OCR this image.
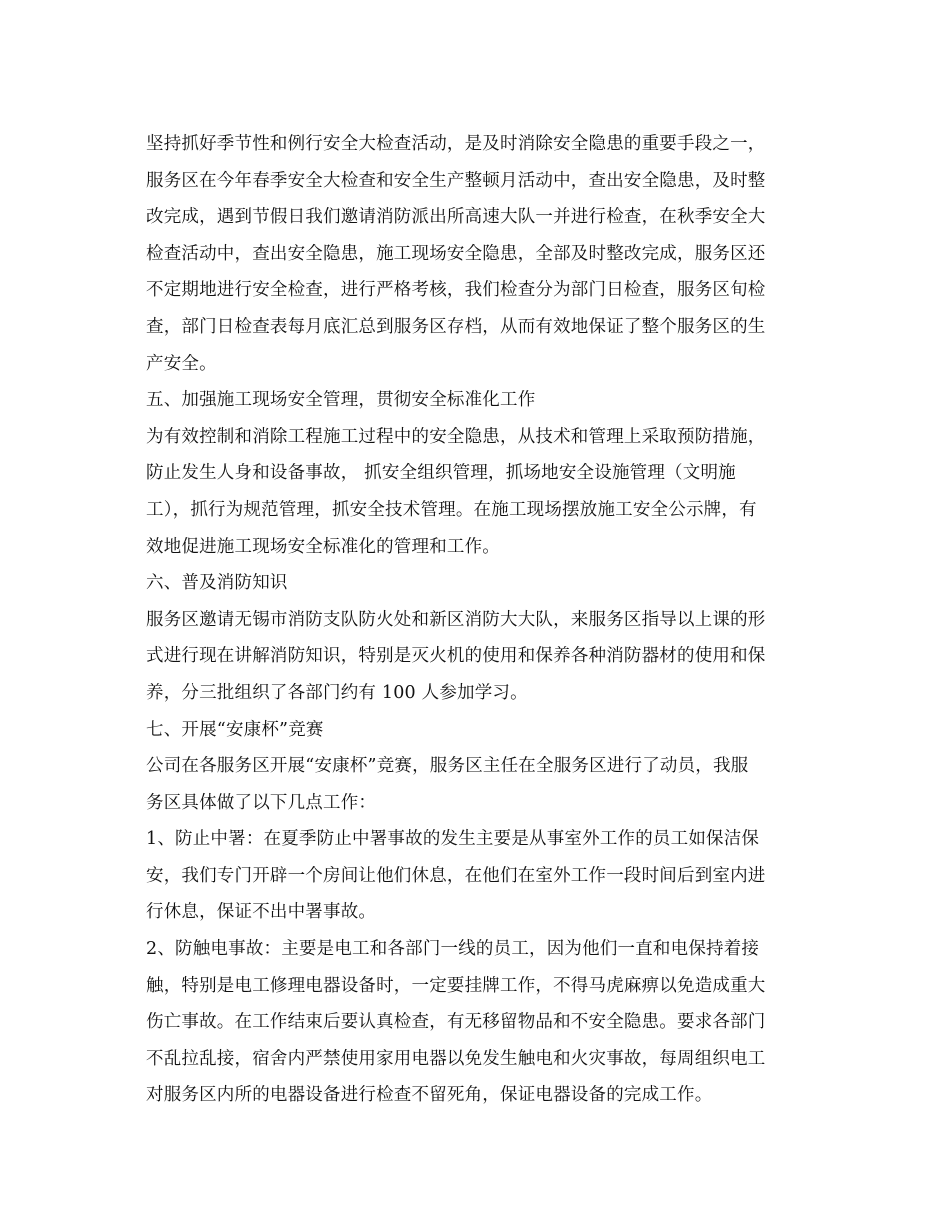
坚持抓好季节性和例行安全大检查活动，是及时消除安全隐患的重要手段之一，
服务区在今年春季安全大检查和安全生产整顿月活动中，查出安全隐患，及时整
改完成，遇到节假日我们邀请消防派出所高速大队一并进行检查，在秋季安全大
检查活动中，查出安全隐患，施工现场安全隐患，全部及时整改完成，服务区还
不定期地进行安全检查，进行严格考核，我们检查分为部门日检查，服务区旬检
查，部门日检查表每月底汇总到服务区存档，从而有效地保证了整个服务区的生
产安全。
五、加强施工现场安全管理，贯彻安全标准化工作
为有效控制和消除工程施工过程中的安全隐患，从技术和管理上采取预防措施，
防止发生人身和设备事故， 抓安全组织管理，抓场地安全设施管理（文明施
工），抓行为规范管理，抓安全技术管理。在施工现场摆放施工安全公示牌，有
效地促进施工现场安全标准化的管理和工作。
六、普及消防知识
服务区邀请无锡市消防支队防火处和新区消防大大队，来服务区指导以上课的形
式进行现在讲解消防知识，特别是灭火机的使用和保养各种消防器材的使用和保
养，分三批组织了各部门约有 100 人参加学习。
七、开展“安康杯”竞赛
公司在各服务区开展“安康杯”竞赛，服务区主任在全服务区进行了动员，我服
务区具体做了以下几点工作：
1、防止中署：在夏季防止中署事故的发生主要是从事室外工作的员工如保洁保
安，我们专门开辟一个房间让他们休息，在他们在室外工作一段时间后到室内进
行休息，保证不出中署事故。
2、防触电事故：主要是电工和各部门一线的员工，因为他们一直和电保持着接
触，特别是电工修理电器设备时，一定要挂牌工作，不得马虎麻痹以免造成重大
伤亡事故。在工作结束后要认真检查，有无移留物品和不安全隐患。要求各部门
不乱拉乱接，宿舍内严禁使用家用电器以免发生触电和火灾事故，每周组织电工
对服务区内所的电器设备进行检查不留死角，保证电器设备的完成工作。
